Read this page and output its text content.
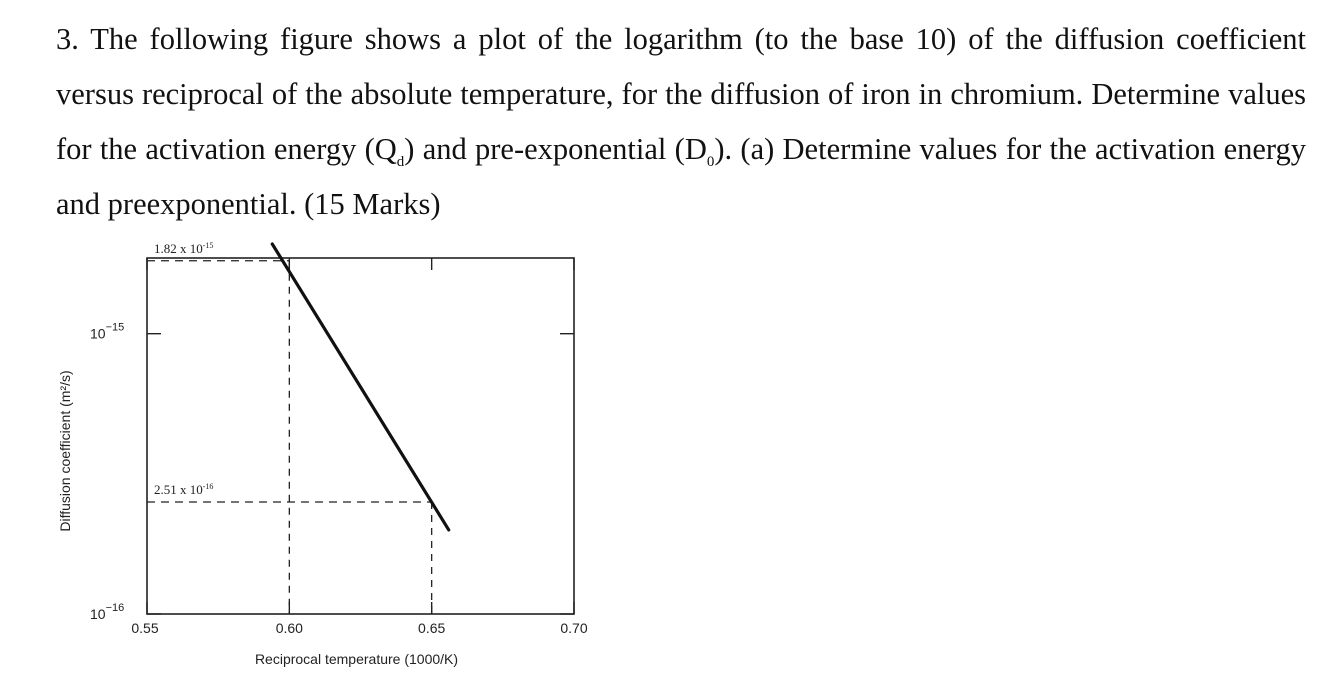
3. The following figure shows a plot of the logarithm (to the base 10) of the diffusion coefficient versus reciprocal of the absolute temperature, for the diffusion of iron in chromium. Determine values for the activation energy $(Q_d)$ and pre-exponential $(D_0)$. (a) Determine values for the activation energy and preexponential. (15 Marks)
0.55	0.60	0.65	0.70
$10^{-16}$
$10^{-15}$
Reciprocal temperature (1000/K)
Diffusion coefficient (m²/s)
1.82 x $10^{-15}$
2.51 x $10^{-16}$
